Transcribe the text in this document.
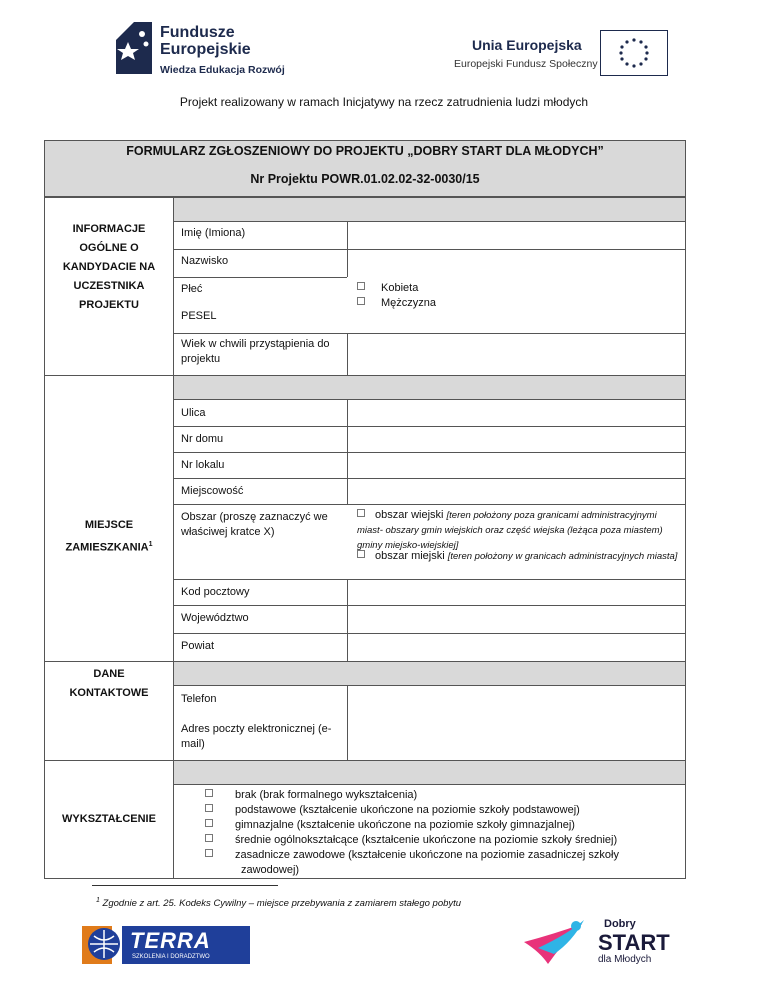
Fundusze
Europejskie
Wiedza Edukacja Rozwój
Unia Europejska
Europejski Fundusz Społeczny
Projekt realizowany w ramach Inicjatywy na rzecz zatrudnienia ludzi młodych
FORMULARZ ZGŁOSZENIOWY DO PROJEKTU „DOBRY START DLA MŁODYCH”
Nr Projektu POWR.01.02.02-32-0030/15
INFORMACJE OGÓLNE O KANDYDACIE NA UCZESTNIKA PROJEKTU
MIEJSCE ZAMIESZKANIA$^1$
DANE KONTAKTOWE
WYKSZTAŁCENIE
Imię (Imiona)
Nazwisko
Płeć	Kobieta
Mężczyzna
PESEL
Wiek w chwili przystąpienia do projektu
Ulica
Nr domu
Nr lokalu
Miejscowość
Obszar (proszę zaznaczyć we właściwej kratce X)
obszar wiejski [teren położony poza granicami administracyjnymi miast- obszary gmin wiejskich oraz część wiejska (leżąca poza miastem) gminy miejsko-wiejskiej]
obszar miejski [teren położony w granicach administracyjnych miasta]
Kod pocztowy
Województwo
Powiat
Telefon
Adres poczty elektronicznej (e-mail)
brak (brak formalnego wykształcenia)
podstawowe (kształcenie ukończone na poziomie szkoły podstawowej)
gimnazjalne (kształcenie ukończone na poziomie szkoły gimnazjalnej)
średnie ogólnokształcące (kształcenie ukończone na poziomie szkoły średniej)
zasadnicze zawodowe (kształcenie ukończone na poziomie zasadniczej szkoły zawodowej)
$^1$ Zgodnie z art. 25. Kodeks Cywilny – miejsce przebywania z zamiarem stałego pobytu
TERRA
SZKOLENIA I DORADZTWO
Dobry
START
dla Młodych
